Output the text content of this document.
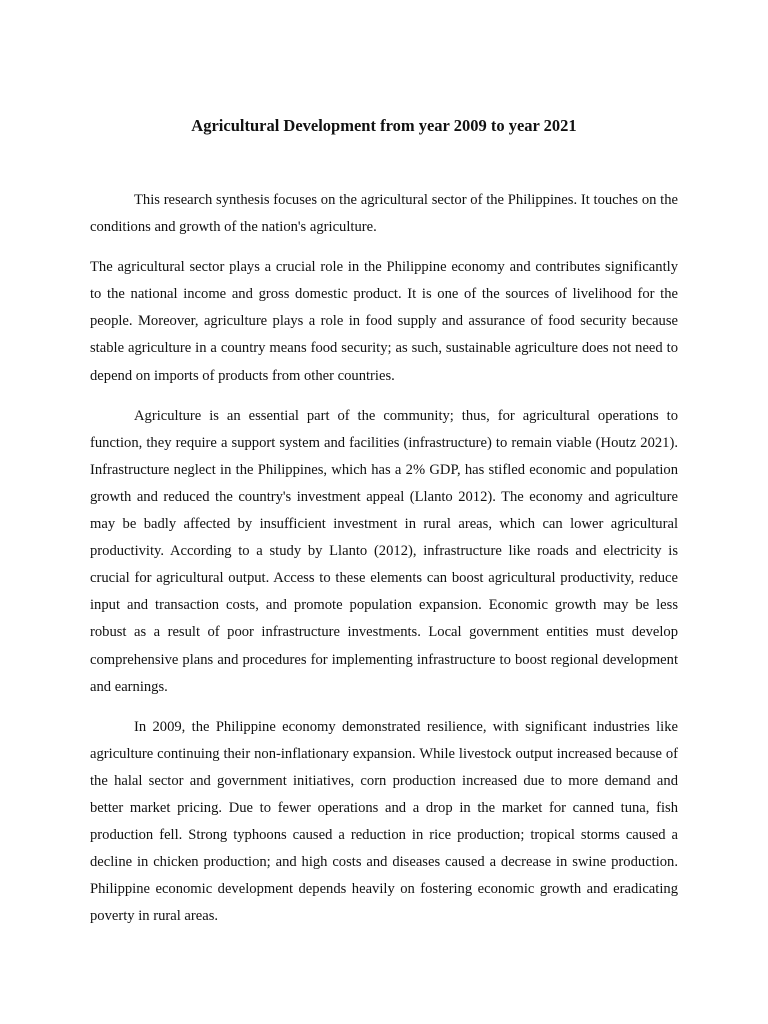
Agricultural Development from year 2009 to year 2021

This research synthesis focuses on the agricultural sector of the Philippines. It touches on the conditions and growth of the nation's agriculture.

The agricultural sector plays a crucial role in the Philippine economy and contributes significantly to the national income and gross domestic product. It is one of the sources of livelihood for the people. Moreover, agriculture plays a role in food supply and assurance of food security because stable agriculture in a country means food security; as such, sustainable agriculture does not need to depend on imports of products from other countries.

Agriculture is an essential part of the community; thus, for agricultural operations to function, they require a support system and facilities (infrastructure) to remain viable (Houtz 2021). Infrastructure neglect in the Philippines, which has a 2% GDP, has stifled economic and population growth and reduced the country's investment appeal (Llanto 2012). The economy and agriculture may be badly affected by insufficient investment in rural areas, which can lower agricultural productivity. According to a study by Llanto (2012), infrastructure like roads and electricity is crucial for agricultural output. Access to these elements can boost agricultural productivity, reduce input and transaction costs, and promote population expansion. Economic growth may be less robust as a result of poor infrastructure investments. Local government entities must develop comprehensive plans and procedures for implementing infrastructure to boost regional development and earnings.

In 2009, the Philippine economy demonstrated resilience, with significant industries like agriculture continuing their non-inflationary expansion. While livestock output increased because of the halal sector and government initiatives, corn production increased due to more demand and better market pricing. Due to fewer operations and a drop in the market for canned tuna, fish production fell. Strong typhoons caused a reduction in rice production; tropical storms caused a decline in chicken production; and high costs and diseases caused a decrease in swine production. Philippine economic development depends heavily on fostering economic growth and eradicating poverty in rural areas.
